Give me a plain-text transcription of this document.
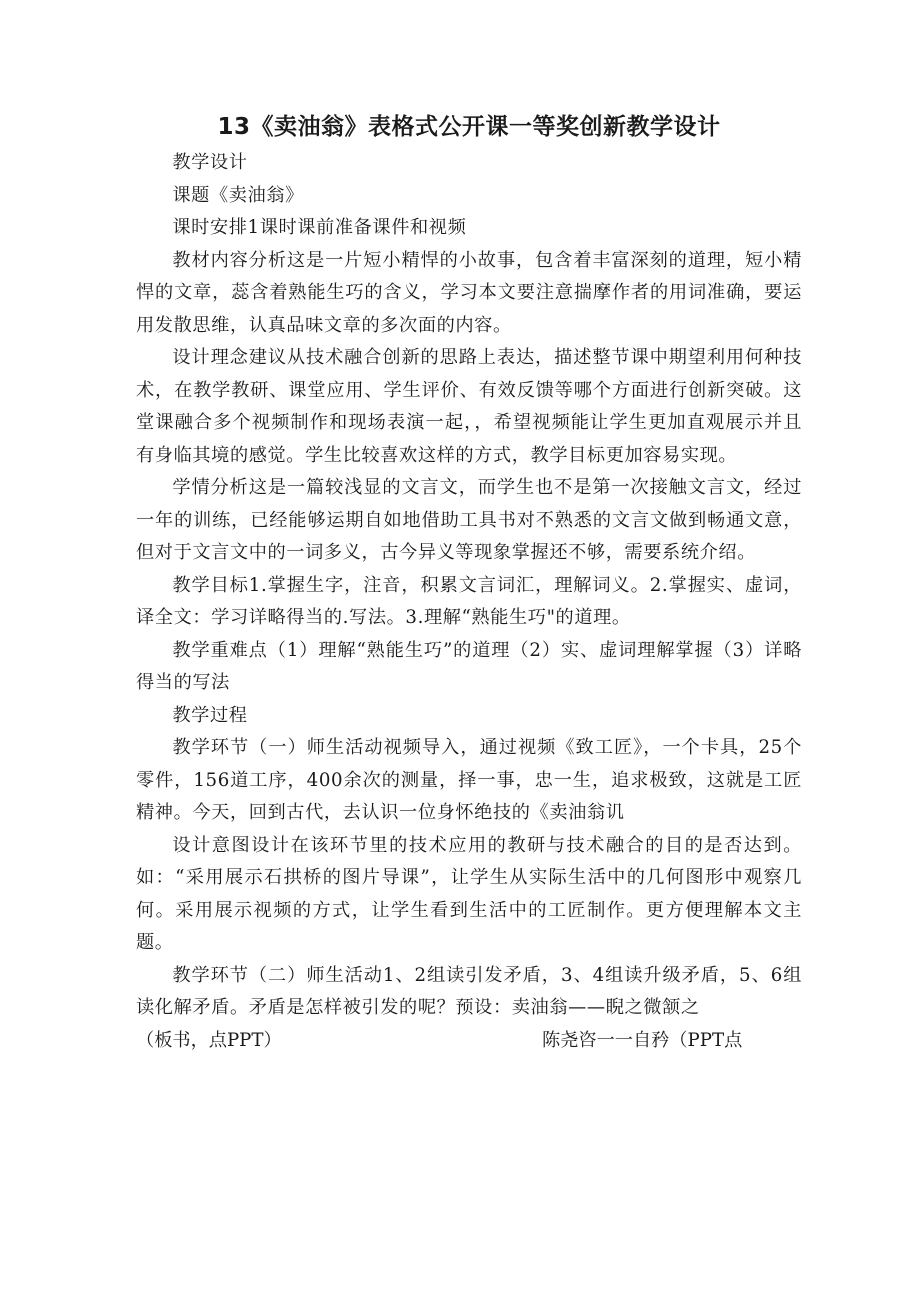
13《卖油翁》表格式公开课一等奖创新教学设计

教学设计

课题《卖油翁》

课时安排1课时课前准备课件和视频

教材内容分析这是一片短小精悍的小故事，包含着丰富深刻的道理，短小精悍的文章，蕊含着熟能生巧的含义，学习本文要注意揣摩作者的用词准确，要运用发散思维，认真品味文章的多次面的内容。

设计理念建议从技术融合创新的思路上表达，描述整节课中期望利用何种技术，在教学教研、课堂应用、学生评价、有效反馈等哪个方面进行创新突破。这堂课融合多个视频制作和现场表演一起，，希望视频能让学生更加直观展示并且有身临其境的感觉。学生比较喜欢这样的方式，教学目标更加容易实现。

学情分析这是一篇较浅显的文言文，而学生也不是第一次接触文言文，经过一年的训练，已经能够运期自如地借助工具书对不熟悉的文言文做到畅通文意，但对于文言文中的一词多义，古今异义等现象掌握还不够，需要系统介绍。

教学目标1.掌握生字，注音，积累文言词汇，理解词义。2.掌握实、虚词，译全文：学习详略得当的.写法。3.理解“熟能生巧"的道理。

教学重难点（1）理解“熟能生巧”的道理（2）实、虚词理解掌握（3）详略得当的写法

教学过程

教学环节（一）师生活动视频导入，通过视频《致工匠》，一个卡具，25个零件，156道工序，400余次的测量，择一事，忠一生，追求极致，这就是工匠精神。今天，回到古代，去认识一位身怀绝技的《卖油翁讥

设计意图设计在该环节里的技术应用的教研与技术融合的目的是否达到。如：“采用展示石拱桥的图片导课”，让学生从实际生活中的几何图形中观察几何。采用展示视频的方式，让学生看到生活中的工匠制作。更方便理解本文主题。

教学环节（二）师生活动1、2组读引发矛盾，3、4组读升级矛盾，5、6组读化解矛盾。矛盾是怎样被引发的呢？预设：卖油翁——睨之微颔之

（板书，点PPT）	陈尧咨一一自矜（PPT点
